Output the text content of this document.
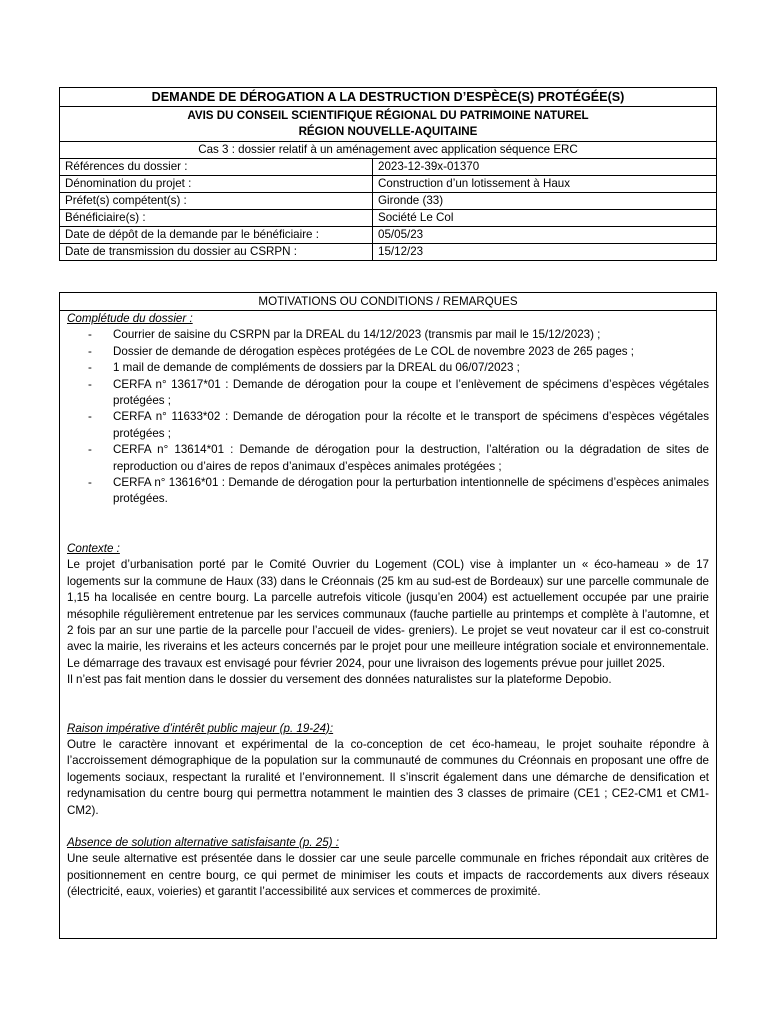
DEMANDE DE DÉROGATION A LA DESTRUCTION D’ESPÈCE(S) PROTÉGÉE(S)	

AVIS DU CONSEIL SCIENTIFIQUE RÉGIONAL DU PATRIMOINE NATUREL
RÉGION NOUVELLE-AQUITAINE	

Cas 3 : dossier relatif à un aménagement avec application séquence ERC	
Références du dossier :	2023-12-39x-01370
Dénomination du projet :	Construction d’un lotissement à Haux
Préfet(s) compétent(s) :	Gironde (33)
Bénéficiaire(s) :	Société Le Col
Date de dépôt de la demande par le bénéficiaire :	05/05/23
Date de transmission du dossier au CSRPN :	15/12/23
MOTIVATIONS OU CONDITIONS / REMARQUES
Complétude du dossier :
- Courrier de saisine du CSRPN par la DREAL du 14/12/2023 (transmis par mail le 15/12/2023) ;
- Dossier de demande de dérogation espèces protégées de Le COL de novembre 2023 de 265 pages ;
- 1 mail de demande de compléments de dossiers par la DREAL du 06/07/2023 ;
- CERFA n° 13617*01 : Demande de dérogation pour la coupe et l’enlèvement de spécimens d’espèces végétales protégées ;
- CERFA n° 11633*02 : Demande de dérogation pour la récolte et le transport de spécimens d’espèces végétales protégées ;
- CERFA n° 13614*01 : Demande de dérogation pour la destruction, l’altération ou la dégradation de sites de reproduction ou d’aires de repos d’animaux d’espèces animales protégées ;
- CERFA n° 13616*01 : Demande de dérogation pour la perturbation intentionnelle de spécimens d’espèces animales protégées.
Contexte :

Le projet d’urbanisation porté par le Comité Ouvrier du Logement (COL) vise à implanter un « éco-hameau » de 17 logements sur la commune de Haux (33) dans le Créonnais (25 km au sud-est de Bordeaux) sur une parcelle communale de 1,15 ha localisée en centre bourg. La parcelle autrefois viticole (jusqu’en 2004) est actuellement occupée par une prairie mésophile régulièrement entretenue par les services communaux (fauche partielle au printemps et complète à l’automne, et 2 fois par an sur une partie de la parcelle pour l’accueil de vides- greniers). Le projet se veut novateur car il est co-construit avec la mairie, les riverains et les acteurs concernés par le projet pour une meilleure intégration sociale et environnementale. Le démarrage des travaux est envisagé pour février 2024, pour une livraison des logements prévue pour juillet 2025.

Il n’est pas fait mention dans le dossier du versement des données naturalistes sur la plateforme Depobio.

Raison impérative d’intérêt public majeur (p. 19-24):

Outre le caractère innovant et expérimental de la co-conception de cet éco-hameau, le projet souhaite répondre à l’accroissement démographique de la population sur la communauté de communes du Créonnais en proposant une offre de logements sociaux, respectant la ruralité et l’environnement. Il s’inscrit également dans une démarche de densification et redynamisation du centre bourg qui permettra notamment le maintien des 3 classes de primaire (CE1 ; CE2-CM1 et CM1-CM2).

Absence de solution alternative satisfaisante (p. 25) :

Une seule alternative est présentée dans le dossier car une seule parcelle communale en friches répondait aux critères de positionnement en centre bourg, ce qui permet de minimiser les couts et impacts de raccordements aux divers réseaux (électricité, eaux, voieries) et garantit l’accessibilité aux services et commerces de proximité.
